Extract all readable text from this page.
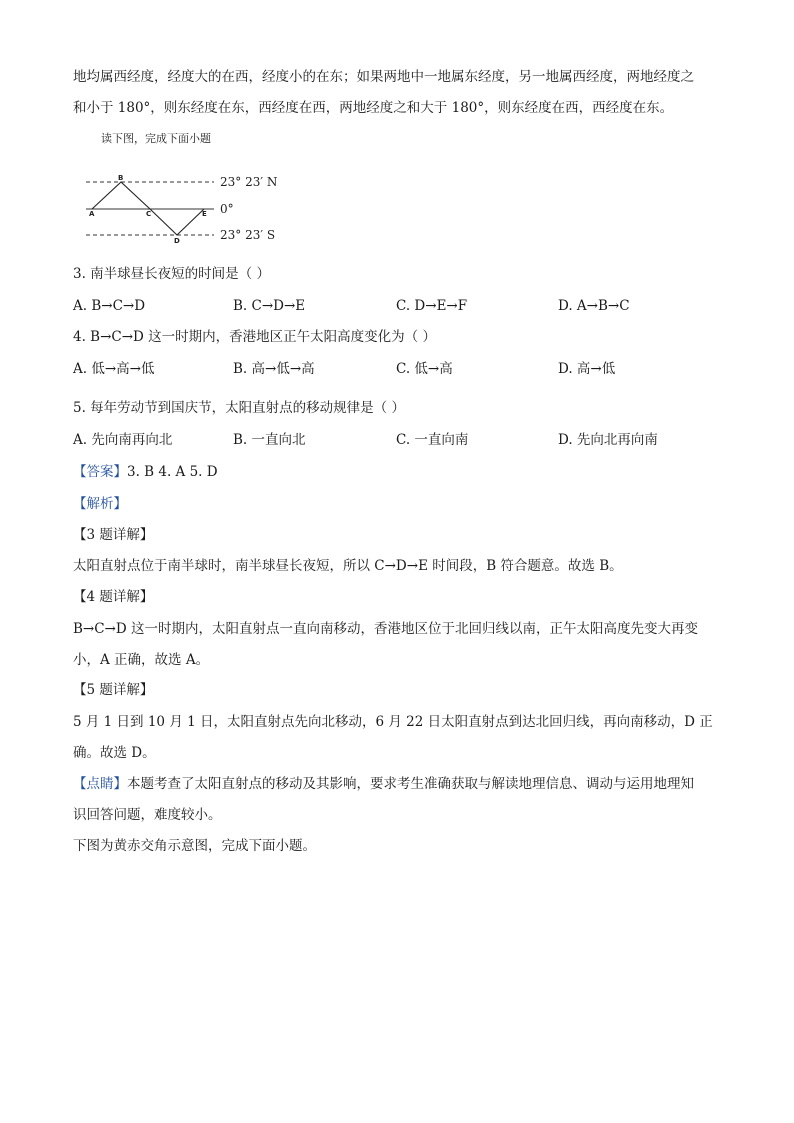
地均属西经度，经度大的在西，经度小的在东；如果两地中一地属东经度，另一地属西经度，两地经度之
和小于 180°，则东经度在东，西经度在西，两地经度之和大于 180°，则东经度在西，西经度在东。
读下图，完成下面小题
A
B
C
D
E
23° 23′ N
0°
23° 23′ S
3. 南半球昼长夜短的时间是（ ）
A. B→C→D	B. C→D→E	C. D→E→F	D. A→B→C
4. B→C→D 这一时期内，香港地区正午太阳高度变化为（ ）
A. 低→高→低	B. 高→低→高	C. 低→高	D. 高→低
5. 每年劳动节到国庆节，太阳直射点的移动规律是（ ）
A. 先向南再向北	B. 一直向北	C. 一直向南	D. 先向北再向南
【答案】3. B 4. A 5. D
【解析】
【3 题详解】
太阳直射点位于南半球时，南半球昼长夜短，所以 C→D→E 时间段，B 符合题意。故选 B。
【4 题详解】
B→C→D 这一时期内，太阳直射点一直向南移动，香港地区位于北回归线以南，正午太阳高度先变大再变
小，A 正确，故选 A。
【5 题详解】
5 月 1 日到 10 月 1 日，太阳直射点先向北移动，6 月 22 日太阳直射点到达北回归线，再向南移动，D 正
确。故选 D。
【点睛】本题考查了太阳直射点的移动及其影响，要求考生准确获取与解读地理信息、调动与运用地理知
识回答问题，难度较小。
下图为黄赤交角示意图，完成下面小题。
